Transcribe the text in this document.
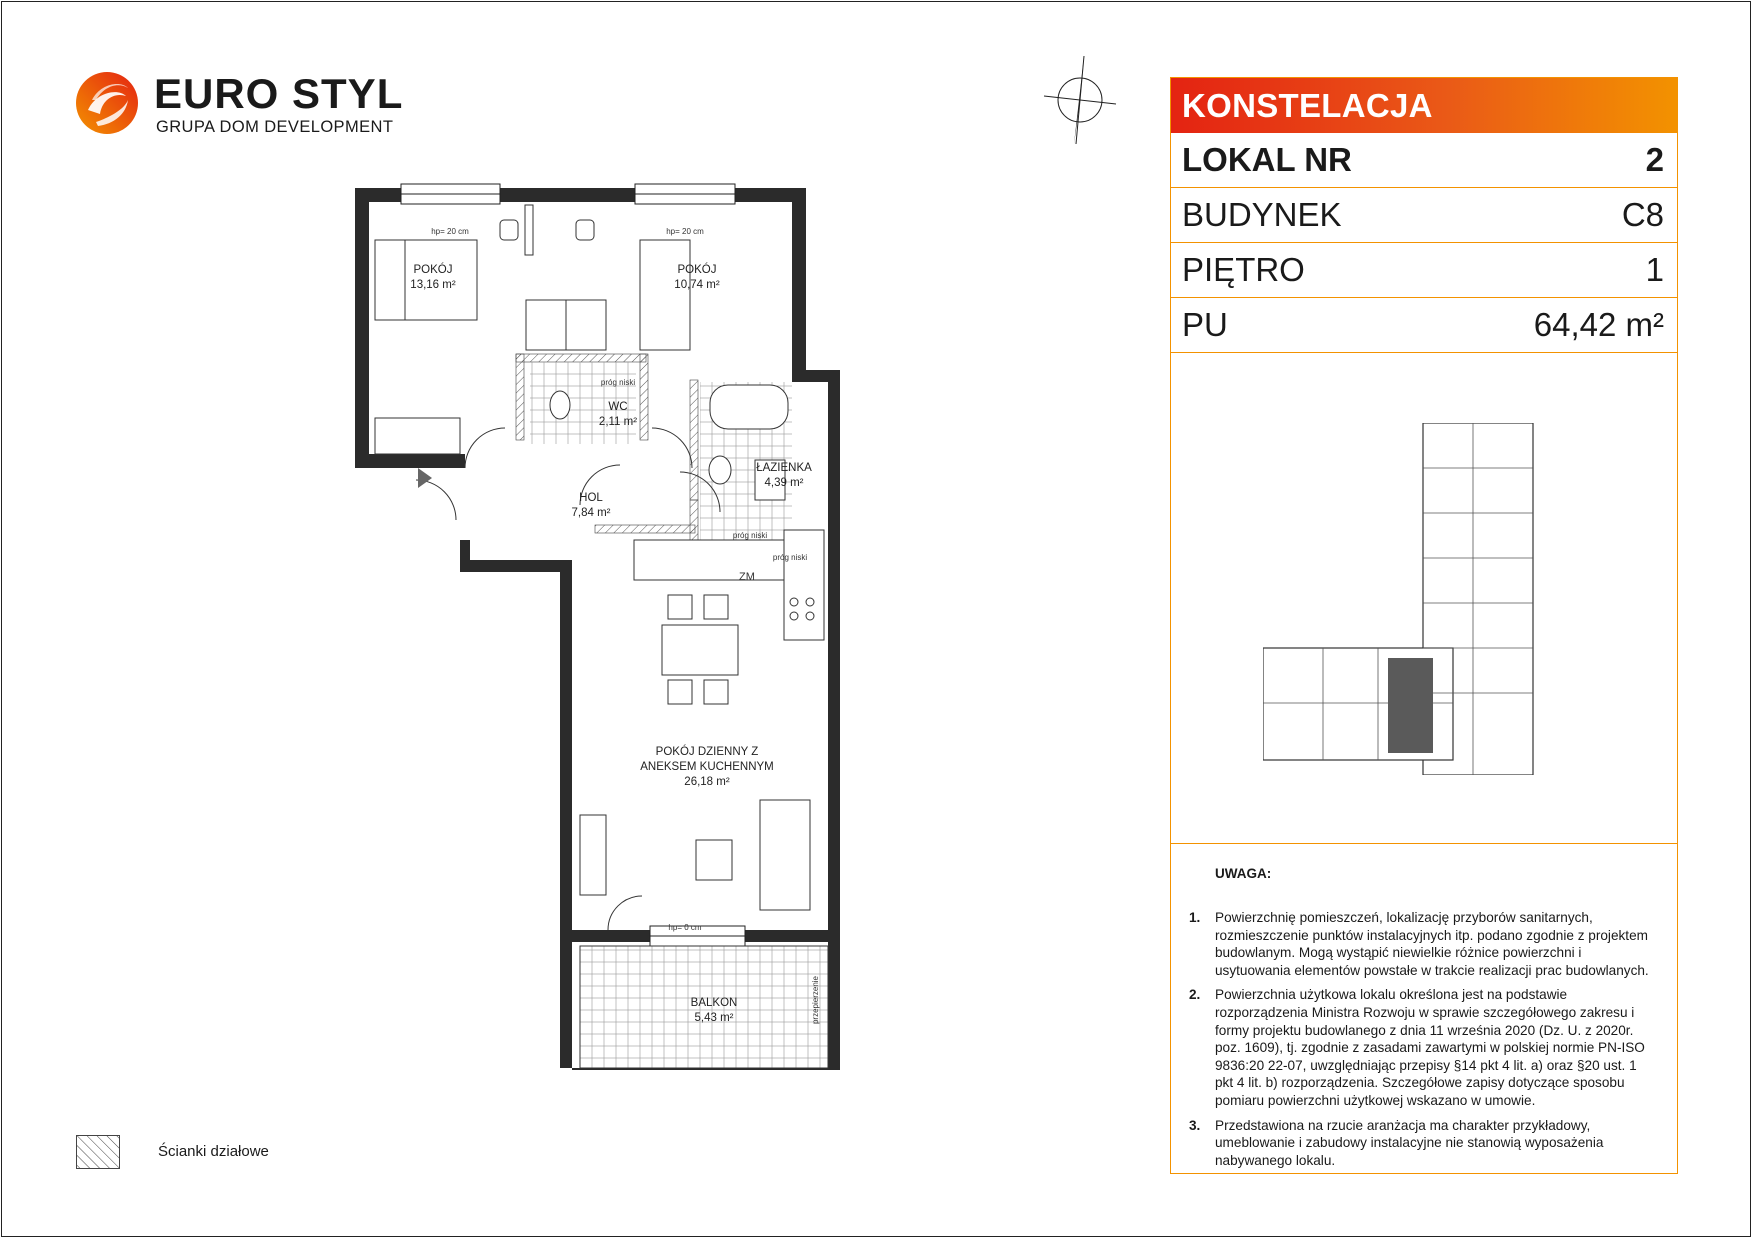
EURO STYL
GRUPA DOM DEVELOPMENT
POKÓJ
13,16 m²
POKÓJ
10,74 m²
WC
2,11 m²
HOL
7,84 m²
ŁAZIENKA
4,39 m²
POKÓJ DZIENNY Z
ANEKSEM KUCHENNYM
26,18 m²
BALKON
5,43 m²
hp= 20 cm	hp= 20 cm
hp= 0 cm
próg niski
próg niski
próg niski
ZM
przepierzenie
Ścianki działowe
KONSTELACJA
LOKAL NR	2
BUDYNEK	C8
PIĘTRO	1
PU	64,42 m²
UWAGA:
1.	Powierzchnię pomieszczeń, lokalizację przyborów sanitarnych, rozmieszczenie punktów instalacyjnych itp. podano zgodnie z projektem budowlanym. Mogą wystąpić niewielkie różnice powierzchni i usytuowania elementów powstałe w trakcie realizacji prac budowlanych.
2.	Powierzchnia użytkowa lokalu określona jest na podstawie rozporządzenia Ministra Rozwoju w sprawie szczegółowego zakresu i formy projektu budowlanego z dnia 11 września 2020 (Dz. U. z 2020r. poz. 1609), tj. zgodnie z zasadami zawartymi w polskiej normie PN-ISO 9836:20 22-07, uwzględniając przepisy §14 pkt 4 lit. a) oraz §20 ust. 1 pkt 4 lit. b) rozporządzenia. Szczegółowe zapisy dotyczące sposobu pomiaru powierzchni użytkowej wskazano w umowie.
3.	Przedstawiona na rzucie aranżacja ma charakter przykładowy, umeblowanie i zabudowy instalacyjne nie stanowią wyposażenia nabywanego lokalu.
